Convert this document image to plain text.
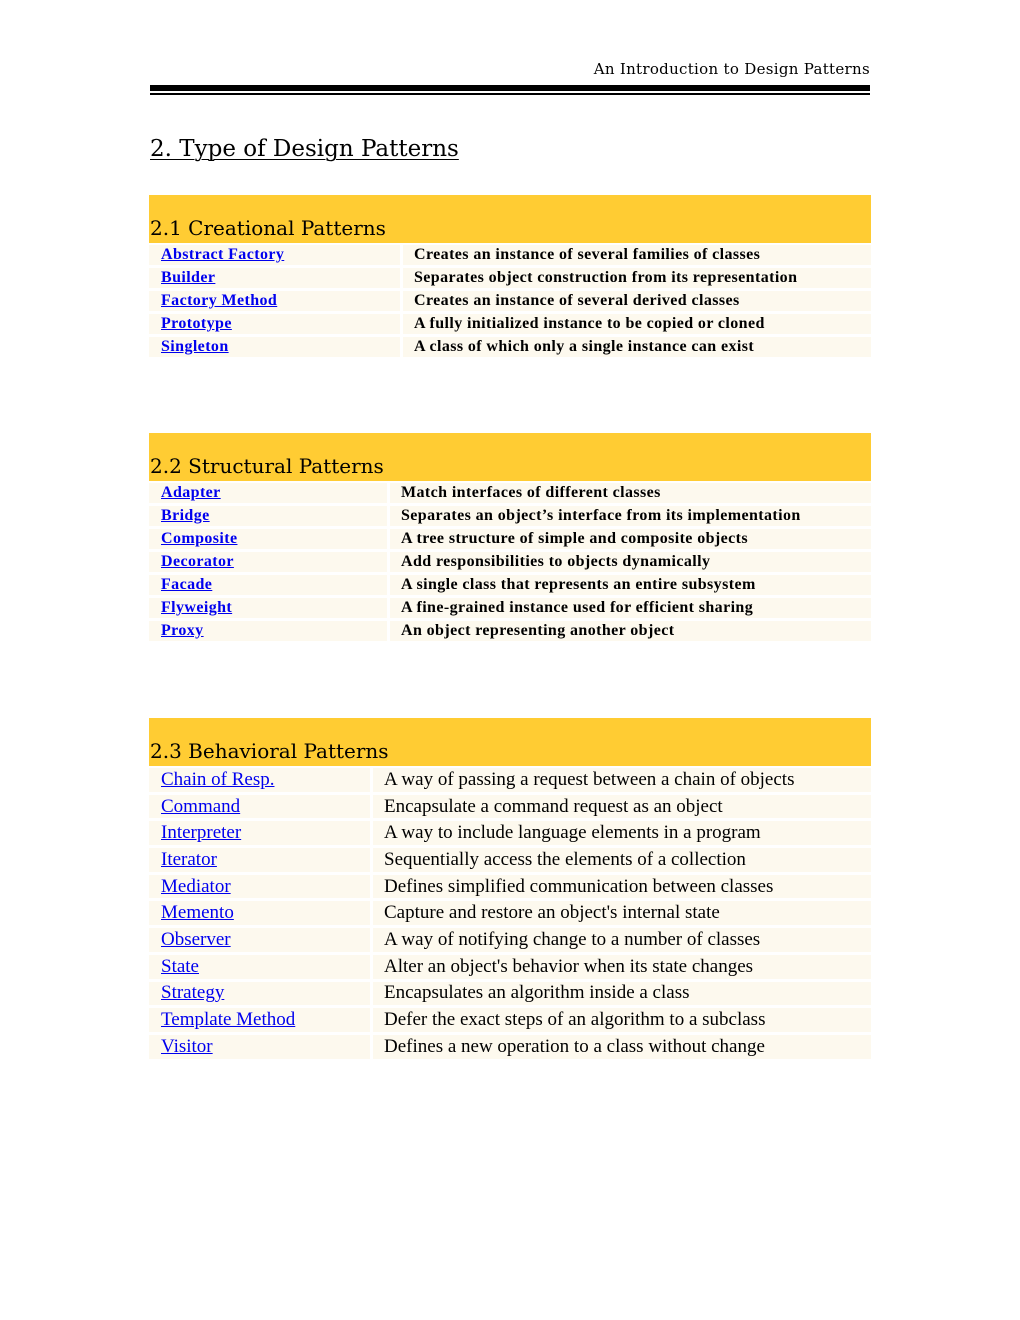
An Introduction to Design Patterns
2. Type of Design Patterns
2.1 Creational Patterns
Abstract Factory	Creates an instance of several families of classes
Builder	Separates object construction from its representation
Factory Method	Creates an instance of several derived classes
Prototype	A fully initialized instance to be copied or cloned
Singleton	A class of which only a single instance can exist
2.2 Structural Patterns
Adapter	Match interfaces of different classes
Bridge	Separates an object’s interface from its implementation
Composite	A tree structure of simple and composite objects
Decorator	Add responsibilities to objects dynamically
Facade	A single class that represents an entire subsystem
Flyweight	A fine-grained instance used for efficient sharing
Proxy	An object representing another object
2.3 Behavioral Patterns
Chain of Resp.	A way of passing a request between a chain of objects
Command	Encapsulate a command request as an object
Interpreter	A way to include language elements in a program
Iterator	Sequentially access the elements of a collection
Mediator	Defines simplified communication between classes
Memento	Capture and restore an object's internal state
Observer	A way of notifying change to a number of classes
State	Alter an object's behavior when its state changes
Strategy	Encapsulates an algorithm inside a class
Template Method	Defer the exact steps of an algorithm to a subclass
Visitor	Defines a new operation to a class without change
